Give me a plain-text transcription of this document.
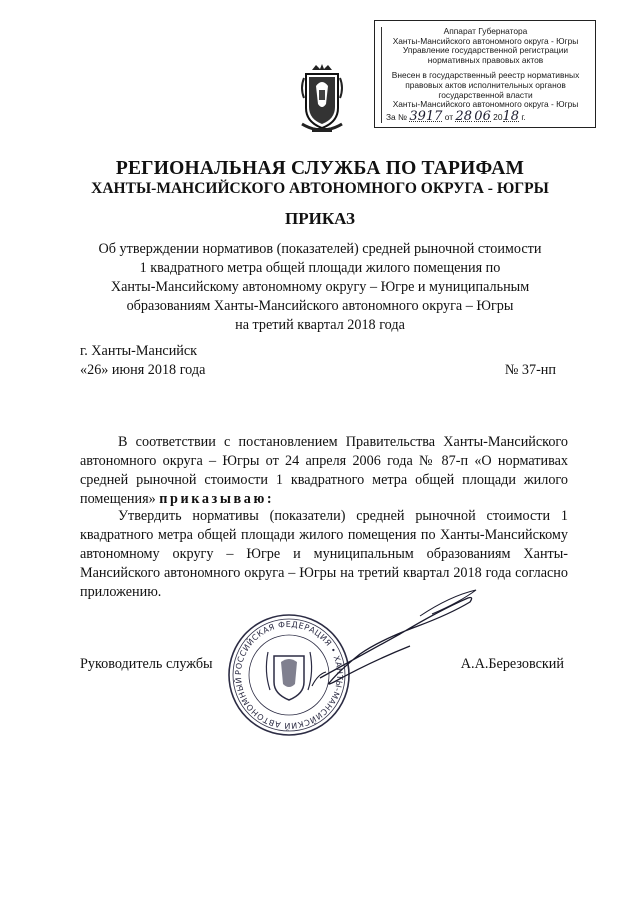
Аппарат Губернатора
Ханты-Мансийского автономного округа - Югры
Управление государственной регистрации
нормативных правовых актов
Внесен в государственный реестр нормативных
правовых актов исполнительных органов
государственной власти
Ханты-Мансийского автономного округа - Югры
За № 3917 от 28 06 2018 г.
РЕГИОНАЛЬНАЯ СЛУЖБА ПО ТАРИФАМ
ХАНТЫ-МАНСИЙСКОГО АВТОНОМНОГО ОКРУГА - ЮГРЫ
ПРИКАЗ
Об утверждении нормативов (показателей) средней рыночной стоимости
1 квадратного метра общей площади жилого помещения по
Ханты-Мансийскому автономному округу – Югре и муниципальным
образованиям Ханты-Мансийского автономного округа – Югры
на третий квартал 2018 года
г. Ханты-Мансийск
«26» июня 2018 года	№ 37-нп
В соответствии с постановлением Правительства Ханты-Мансийского автономного округа – Югры от 24 апреля 2006 года № 87-п «О нормативах средней рыночной стоимости 1 квадратного метра общей площади жилого помещения» приказываю:
Утвердить нормативы (показатели) средней рыночной стоимости 1 квадратного метра общей площади жилого помещения по Ханты-Мансийскому автономному округу – Югре и муниципальным образованиям Ханты-Мансийского автономного округа – Югры на третий квартал 2018 года согласно приложению.
РОССИЙСКАЯ ФЕДЕРАЦИЯ • ХАНТЫ-МАНСИЙСКИЙ АВТОНОМНЫЙ
Руководитель службы	А.А.Березовский
